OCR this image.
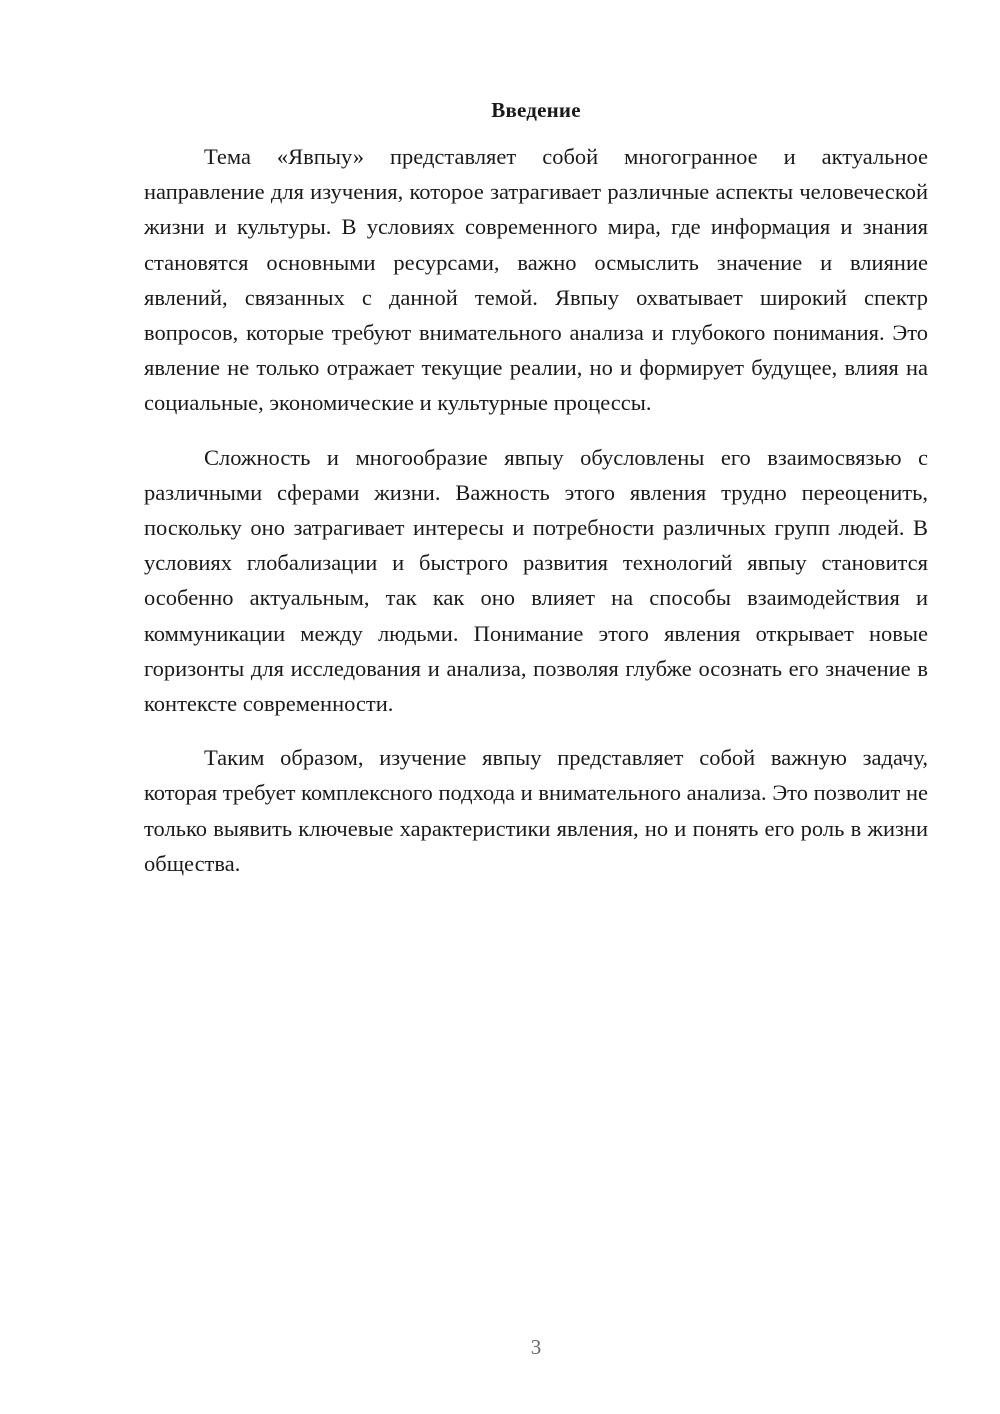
Введение

Тема «Явпыу» представляет собой многогранное и актуальное направление для изучения, которое затрагивает различные аспекты человеческой жизни и культуры. В условиях современного мира, где информация и знания становятся основными ресурсами, важно осмыслить значение и влияние явлений, связанных с данной темой. Явпыу охватывает широкий спектр вопросов, которые требуют внимательного анализа и глубокого понимания. Это явление не только отражает текущие реалии, но и формирует будущее, влияя на социальные, экономические и культурные процессы.

Сложность и многообразие явпыу обусловлены его взаимосвязью с различными сферами жизни. Важность этого явления трудно переоценить, поскольку оно затрагивает интересы и потребности различных групп людей. В условиях глобализации и быстрого развития технологий явпыу становится особенно актуальным, так как оно влияет на способы взаимодействия и коммуникации между людьми. Понимание этого явления открывает новые горизонты для исследования и анализа, позволяя глубже осознать его значение в контексте современности.

Таким образом, изучение явпыу представляет собой важную задачу, которая требует комплексного подхода и внимательного анализа. Это позволит не только выявить ключевые характеристики явления, но и понять его роль в жизни общества.

3
